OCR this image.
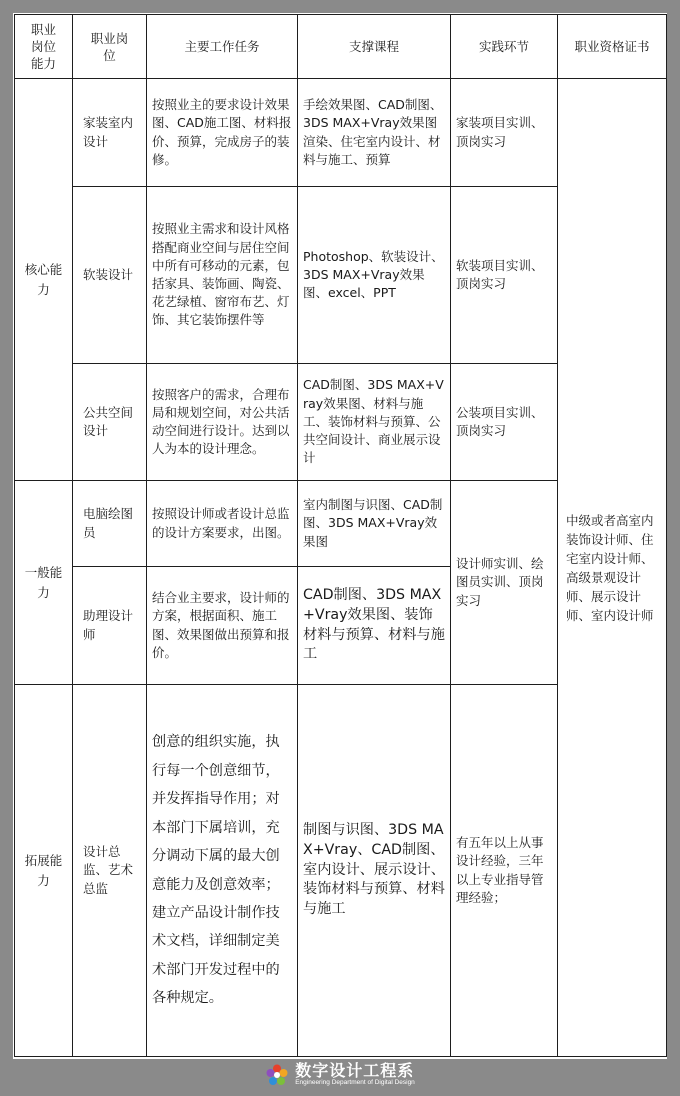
职业岗位能力	职业岗位	主要工作任务	支撑课程	实践环节	职业资格证书
核心能力	家装室内设计	按照业主的要求设计效果图、CAD施工图、材料报价、预算，完成房子的装修。	手绘效果图、CAD制图、3DS MAX+Vray效果图渲染、住宅室内设计、材料与施工、预算	家装项目实训、顶岗实习	中级或者高室内装饰设计师、住宅室内设计师、高级景观设计师、展示设计师、室内设计师
	软装设计	按照业主需求和设计风格搭配商业空间与居住空间中所有可移动的元素，包括家具、装饰画、陶瓷、花艺绿植、窗帘布艺、灯饰、其它装饰摆件等	Photoshop、软装设计、3DS MAX+Vray效果图、excel、PPT	软装项目实训、顶岗实习	
	公共空间设计	按照客户的需求，合理布局和规划空间，对公共活动空间进行设计。达到以人为本的设计理念。	CAD制图、3DS MAX+Vray效果图、材料与施工、装饰材料与预算、公共空间设计、商业展示设计	公装项目实训、顶岗实习	
一般能力	电脑绘图员	按照设计师或者设计总监的设计方案要求，出图。	室内制图与识图、CAD制图、3DS MAX+Vray效果图	设计师实训、绘图员实训、顶岗实习	
	助理设计师	结合业主要求，设计师的方案，根据面积、施工图、效果图做出预算和报价。	CAD制图、3DS MAX+Vray效果图、装饰材料与预算、材料与施工		
拓展能力	设计总监、艺术总监	创意的组织实施，执行每一个创意细节，并发挥指导作用；对本部门下属培训，充分调动下属的最大创意能力及创意效率；建立产品设计制作技术文档，详细制定美术部门开发过程中的各种规定。	制图与识图、3DS MAX+Vray、CAD制图、室内设计、展示设计、装饰材料与预算、材料与施工	有五年以上从事设计经验，三年以上专业指导管理经验；	
数字设计工程系
Engineering Department of Digital Design
